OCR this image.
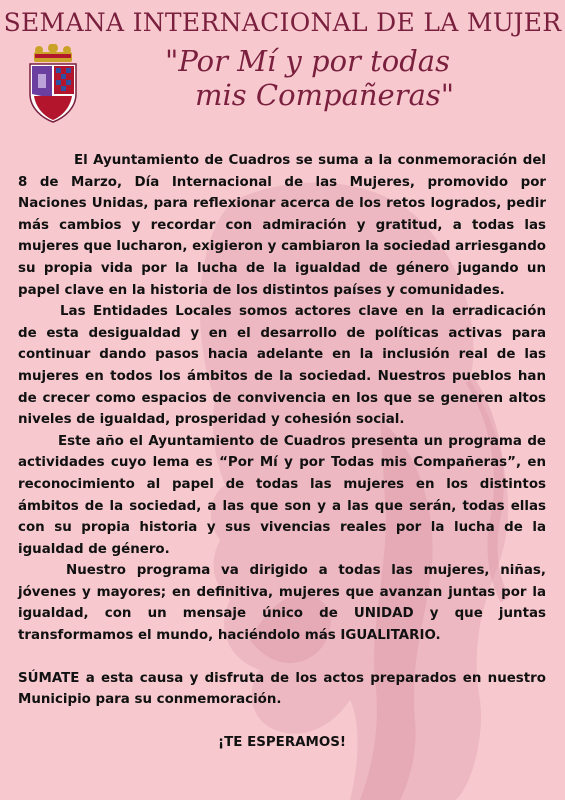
SEMANA INTERNACIONAL DE LA MUJER
"Por Mí y por todas
mis Compañeras"

El Ayuntamiento de Cuadros se suma a la conmemoración del 8 de Marzo, Día Internacional de las Mujeres, promovido por Naciones Unidas, para reflexionar acerca de los retos logrados, pedir más cambios y recordar con admiración y gratitud, a todas las mujeres que lucharon, exigieron y cambiaron la sociedad arriesgando su propia vida por la lucha de la igualdad de género jugando un papel clave en la historia de los distintos países y comunidades.

Las Entidades Locales somos actores clave en la erradicación de esta desigualdad y en el desarrollo de políticas activas para continuar dando pasos hacia adelante en la inclusión real de las mujeres en todos los ámbitos de la sociedad. Nuestros pueblos han de crecer como espacios de convivencia en los que se generen altos niveles de igualdad, prosperidad y cohesión social.

Este año el Ayuntamiento de Cuadros presenta un programa de actividades cuyo lema es “Por Mí y por Todas mis Compañeras”, en reconocimiento al papel de todas las mujeres en los distintos ámbitos de la sociedad, a las que son y a las que serán, todas ellas con su propia historia y sus vivencias reales por la lucha de la igualdad de género.

Nuestro programa va dirigido a todas las mujeres, niñas, jóvenes y mayores; en definitiva, mujeres que avanzan juntas por la igualdad, con un mensaje único de UNIDAD y que juntas transformamos el mundo, haciéndolo más IGUALITARIO.

SÚMATE a esta causa y disfruta de los actos preparados en nuestro Municipio para su conmemoración.

¡TE ESPERAMOS!
